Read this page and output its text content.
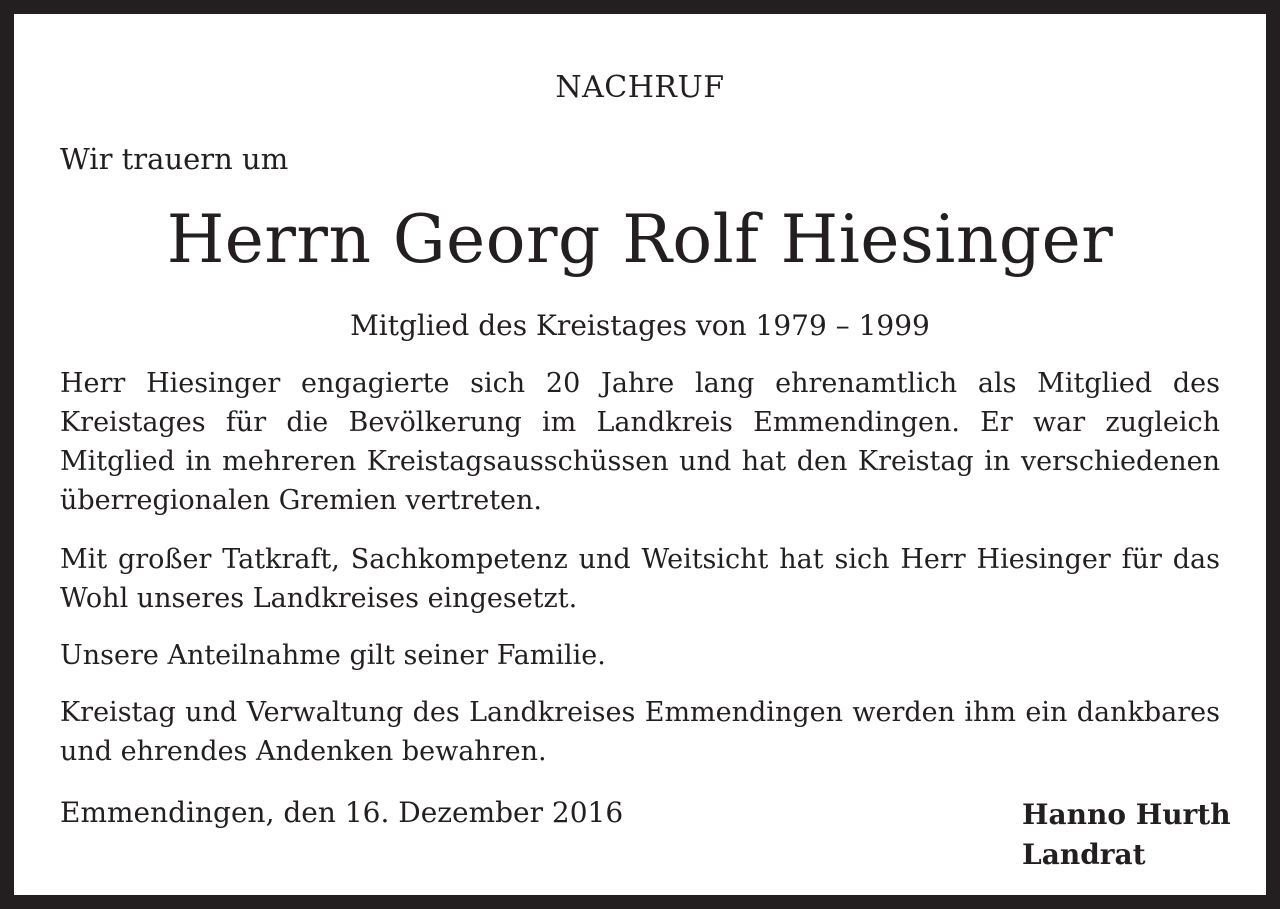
NACHRUF
Wir trauern um
Herrn Georg Rolf Hiesinger
Mitglied des Kreistages von 1979 – 1999
Herr Hiesinger engagierte sich 20 Jahre lang ehrenamtlich als Mitglied des Kreistages für die Bevölkerung im Landkreis Emmendingen. Er war zugleich Mitglied in mehreren Kreistagsausschüssen und hat den Kreistag in verschiedenen überregionalen Gremien vertreten.
Mit großer Tatkraft, Sachkompetenz und Weitsicht hat sich Herr Hiesinger für das Wohl unseres Landkreises eingesetzt.
Unsere Anteilnahme gilt seiner Familie.
Kreistag und Verwaltung des Landkreises Emmendingen werden ihm ein dankbares und ehrendes Andenken bewahren.
Emmendingen, den 16. Dezember 2016	Hanno Hurth
Landrat
